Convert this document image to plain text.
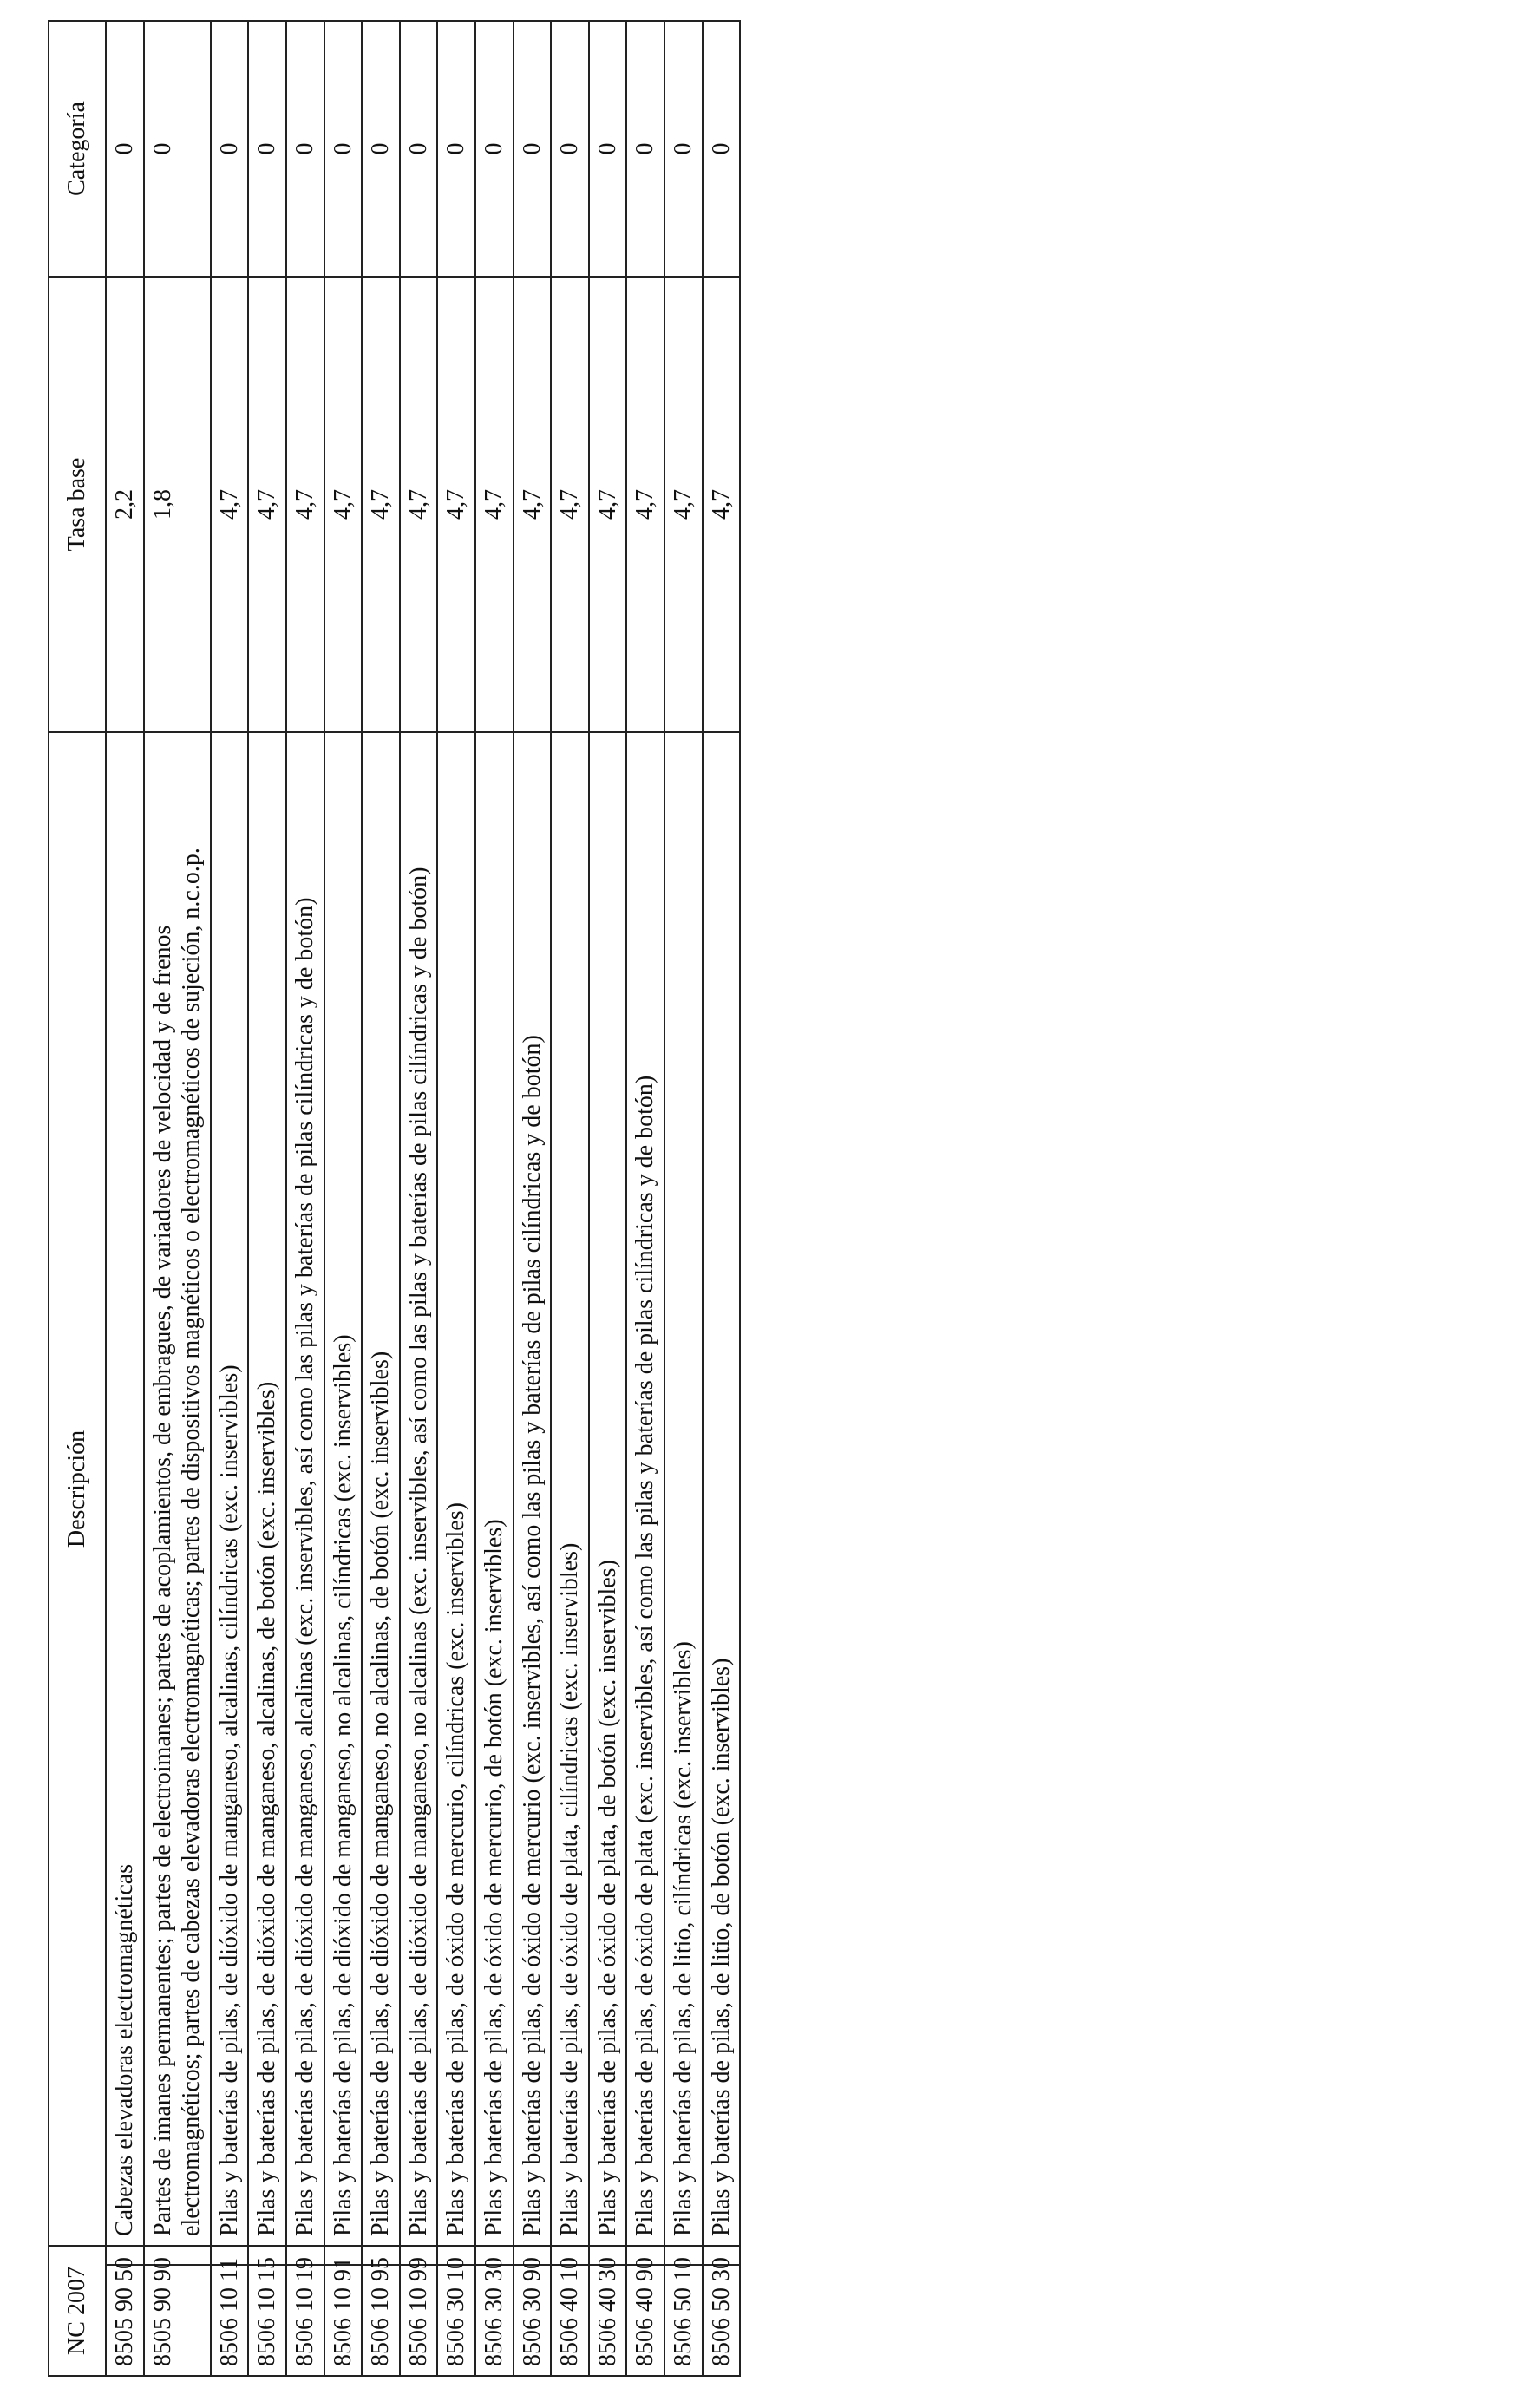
NC 2007		Descripción	Tasa base	Categoría
8505 90 50		Cabezas elevadoras electromagnéticas	2,2	0
8505 90 90		Partes de imanes permanentes; partes de electroimanes; partes de acoplamientos, de embragues, de variadores de velocidad y de frenos electromagnéticos; partes de cabezas elevadoras electromagnéticas; partes de dispositivos magnéticos o electromagnéticos de sujeción, n.c.o.p.	1,8	0
8506 10 11		Pilas y baterías de pilas, de dióxido de manganeso, alcalinas, cilíndricas (exc. inservibles)	4,7	0
8506 10 15		Pilas y baterías de pilas, de dióxido de manganeso, alcalinas, de botón (exc. inservibles)	4,7	0
8506 10 19		Pilas y baterías de pilas, de dióxido de manganeso, alcalinas (exc. inservibles, así como las pilas y baterías de pilas cilíndricas y de botón)	4,7	0
8506 10 91		Pilas y baterías de pilas, de dióxido de manganeso, no alcalinas, cilíndricas (exc. inservibles)	4,7	0
8506 10 95		Pilas y baterías de pilas, de dióxido de manganeso, no alcalinas, de botón (exc. inservibles)	4,7	0
8506 10 99		Pilas y baterías de pilas, de dióxido de manganeso, no alcalinas (exc. inservibles, así como las pilas y baterías de pilas cilíndricas y de botón)	4,7	0
8506 30 10		Pilas y baterías de pilas, de óxido de mercurio, cilíndricas (exc. inservibles)	4,7	0
8506 30 30		Pilas y baterías de pilas, de óxido de mercurio, de botón (exc. inservibles)	4,7	0
8506 30 90		Pilas y baterías de pilas, de óxido de mercurio (exc. inservibles, así como las pilas y baterías de pilas cilíndricas y de botón)	4,7	0
8506 40 10		Pilas y baterías de pilas, de óxido de plata, cilíndricas (exc. inservibles)	4,7	0
8506 40 30		Pilas y baterías de pilas, de óxido de plata, de botón (exc. inservibles)	4,7	0
8506 40 90		Pilas y baterías de pilas, de óxido de plata (exc. inservibles, así como las pilas y baterías de pilas cilíndricas y de botón)	4,7	0
8506 50 10		Pilas y baterías de pilas, de litio, cilíndricas (exc. inservibles)	4,7	0
8506 50 30		Pilas y baterías de pilas, de litio, de botón (exc. inservibles)	4,7	0
